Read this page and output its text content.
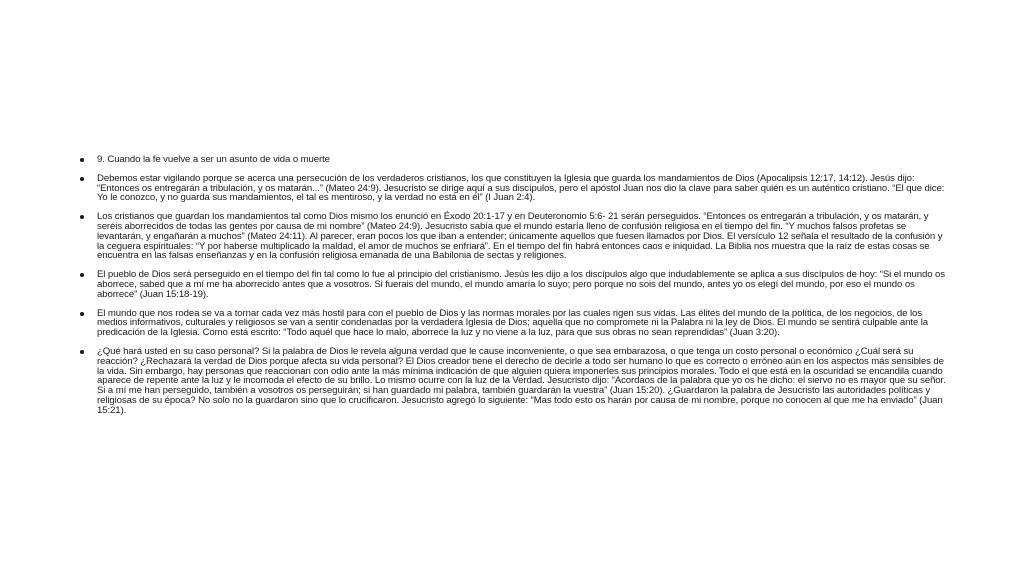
9. Cuando la fe vuelve a ser un asunto de vida o muerte
Debemos estar vigilando porque se acerca una persecución de los verdaderos cristianos, los que constituyen la Iglesia que guarda los mandamientos de Dios (Apocalipsis 12:17, 14:12). Jesús dijo: “Entonces os entregarán a tribulación, y os matarán...” (Mateo 24:9). Jesucristo se dirige aquí a sus discípulos, pero el apóstol Juan nos dio la clave para saber quién es un auténtico cristiano. “El que dice: Yo le conozco, y no guarda sus mandamientos, el tal es mentiroso, y la verdad no está en él” (I Juan 2:4).
Los cristianos que guardan los mandamientos tal como Dios mismo los enunció en Éxodo 20:1-17 y en Deuteronomio 5:6- 21 serán perseguidos. “Entonces os entregarán a tribulación, y os matarán, y seréis aborrecidos de todas las gentes por causa de mi nombre” (Mateo 24:9). Jesucristo sabía que el mundo estaría lleno de confusión religiosa en el tiempo del fin. “Y muchos falsos profetas se levantarán, y engañarán a muchos” (Mateo 24:11). Al parecer, eran pocos los que iban a entender; únicamente aquellos que fuesen llamados por Dios. El versículo 12 señala el resultado de la confusión y la ceguera espirituales: “Y por haberse multiplicado la maldad, el amor de muchos se enfriará”. En el tiempo del fin habrá entonces caos e iniquidad. La Biblia nos muestra que la raíz de estas cosas se encuentra en las falsas enseñanzas y en la confusión religiosa emanada de una Babilonia de sectas y religiones.
El pueblo de Dios será perseguido en el tiempo del fin tal como lo fue al principio del cristianismo. Jesús les dijo a los discípulos algo que indudablemente se aplica a sus discípulos de hoy: “Si el mundo os aborrece, sabed que a mí me ha aborrecido antes que a vosotros. Si fuerais del mundo, el mundo amaría lo suyo; pero porque no sois del mundo, antes yo os elegí del mundo, por eso el mundo os aborrece” (Juan 15:18-19).
El mundo que nos rodea se va a tornar cada vez más hostil para con el pueblo de Dios y las normas morales por las cuales rigen sus vidas. Las élites del mundo de la política, de los negocios, de los medios informativos, culturales y religiosos se van a sentir condenadas por la verdadera Iglesia de Dios; aquella que no compromete ni la Palabra ni la ley de Dios. El mundo se sentirá culpable ante la predicación de la Iglesia. Como está escrito: “Todo aquél que hace lo malo, aborrece la luz y no viene a la luz, para que sus obras no sean reprendidas” (Juan 3:20).
¿Qué hará usted en su caso personal? Si la palabra de Dios le revela alguna verdad que le cause inconveniente, o que sea embarazosa, o que tenga un costo personal o económico ¿Cuál será su reacción? ¿Rechazará la verdad de Dios porque afecta su vida personal? El Dios creador tiene el derecho de decirle a todo ser humano lo que es correcto o erróneo aún en los aspectos más sensibles de la vida. Sin embargo, hay personas que reaccionan con odio ante la más mínima indicación de que alguien quiera imponerles sus principios morales. Todo el que está en la oscuridad se encandila cuando aparece de repente ante la luz y le incomoda el efecto de su brillo. Lo mismo ocurre con la luz de la Verdad. Jesucristo dijo: “Acordaos de la palabra que yo os he dicho: el siervo no es mayor que su señor. Si a mí me han perseguido, también a vosotros os perseguirán; si han guardado mi palabra, también guardarán la vuestra” (Juan 15:20). ¿Guardaron la palabra de Jesucristo las autoridades políticas y religiosas de su época? No solo no la guardaron sino que lo crucificaron. Jesucristo agregó lo siguiente: “Mas todo esto os harán por causa de mi nombre, porque no conocen al que me ha enviado” (Juan 15:21).
